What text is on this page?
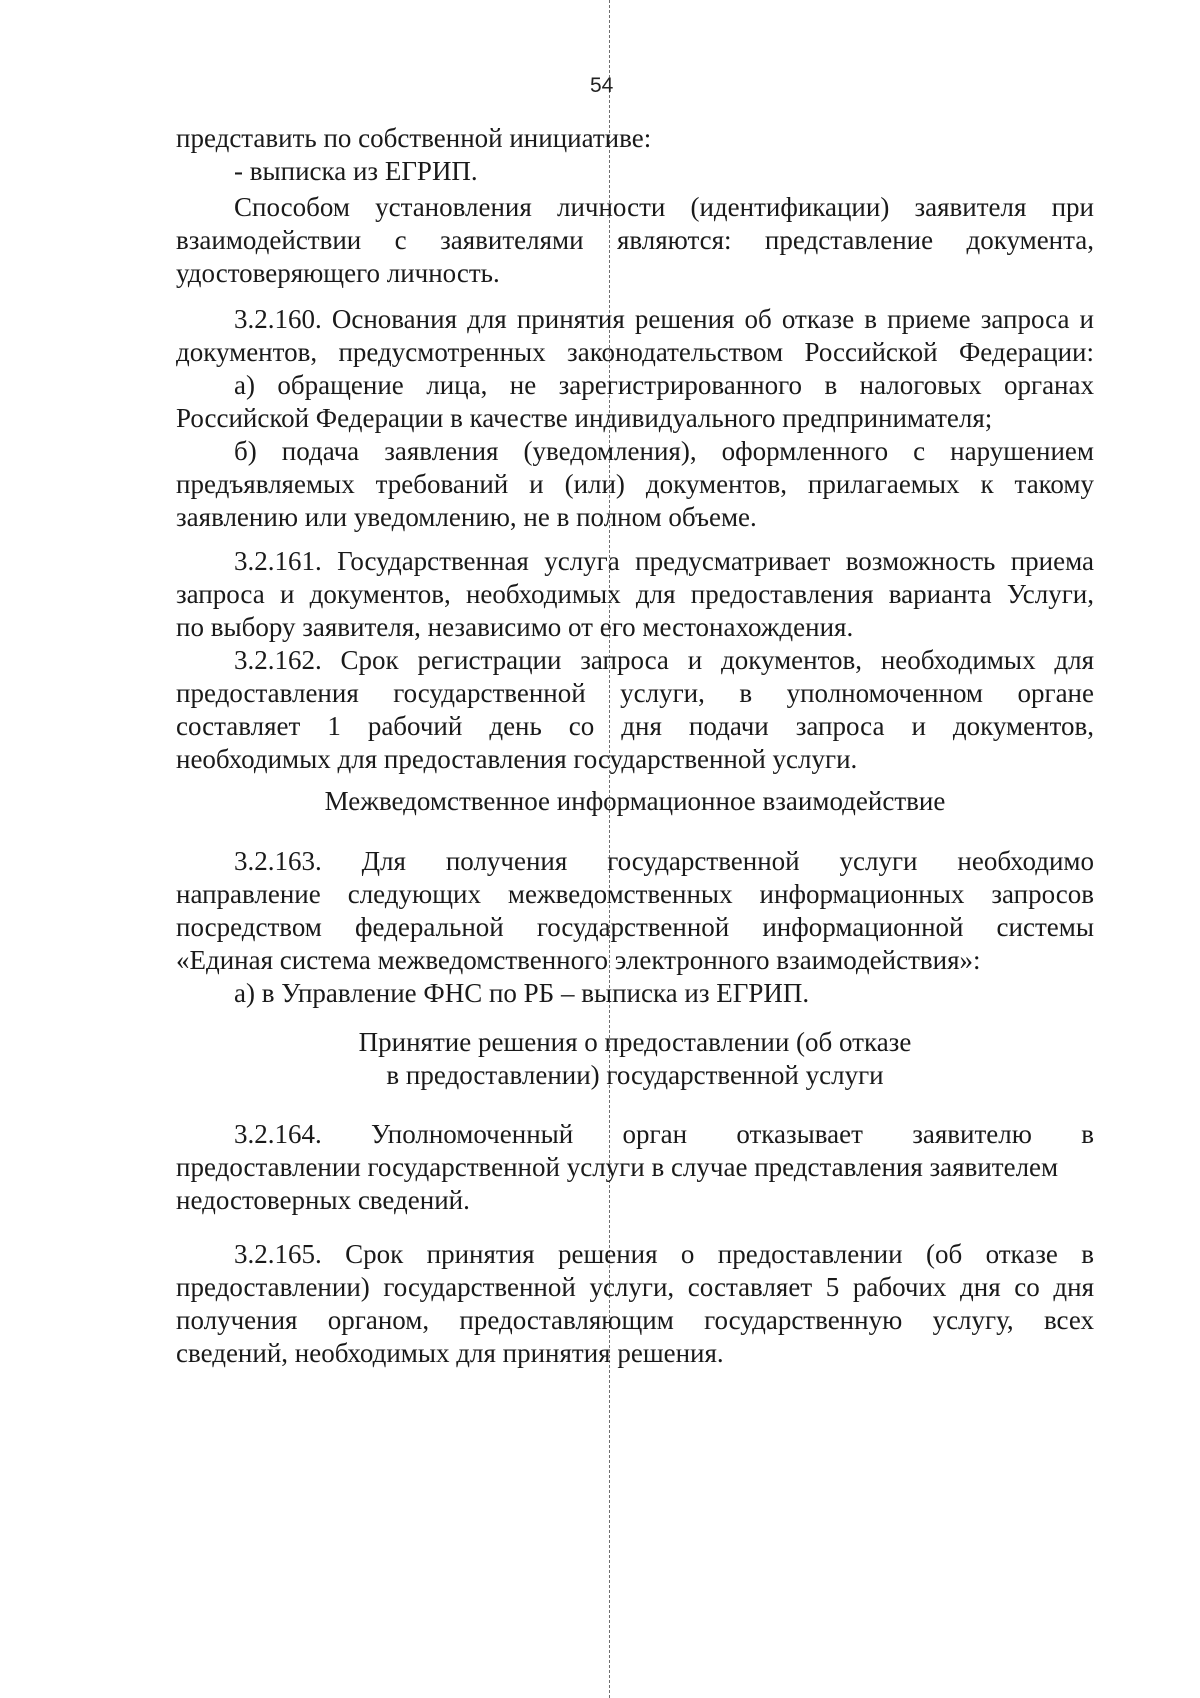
54
представить по собственной инициативе:
- выписка из ЕГРИП.
Способом установления личности (идентификации) заявителя при
взаимодействии с заявителями являются: представление документа,
удостоверяющего личность.
3.2.160. Основания для принятия решения об отказе в приеме запроса и
документов, предусмотренных законодательством Российской Федерации:
а) обращение лица, не зарегистрированного в налоговых органах
Российской Федерации в качестве индивидуального предпринимателя;
б) подача заявления (уведомления), оформленного с нарушением
предъявляемых требований и (или) документов, прилагаемых к такому
заявлению или уведомлению, не в полном объеме.
3.2.161. Государственная услуга предусматривает возможность приема
запроса и документов, необходимых для предоставления варианта Услуги,
по выбору заявителя, независимо от его местонахождения.
3.2.162. Срок регистрации запроса и документов, необходимых для
предоставления государственной услуги, в уполномоченном органе
составляет 1 рабочий день со дня подачи запроса и документов,
необходимых для предоставления государственной услуги.
Межведомственное информационное взаимодействие
3.2.163. Для получения государственной услуги необходимо
направление следующих межведомственных информационных запросов
посредством федеральной государственной информационной системы
«Единая система межведомственного электронного взаимодействия»:
а) в Управление ФНС по РБ – выписка из ЕГРИП.
Принятие решения о предоставлении (об отказе
в предоставлении) государственной услуги
3.2.164. Уполномоченный орган отказывает заявителю в
предоставлении государственной услуги в случае представления заявителем
недостоверных сведений.
3.2.165. Срок принятия решения о предоставлении (об отказе в
предоставлении) государственной услуги, составляет 5 рабочих дня со дня
получения органом, предоставляющим государственную услугу, всех
сведений, необходимых для принятия решения.
